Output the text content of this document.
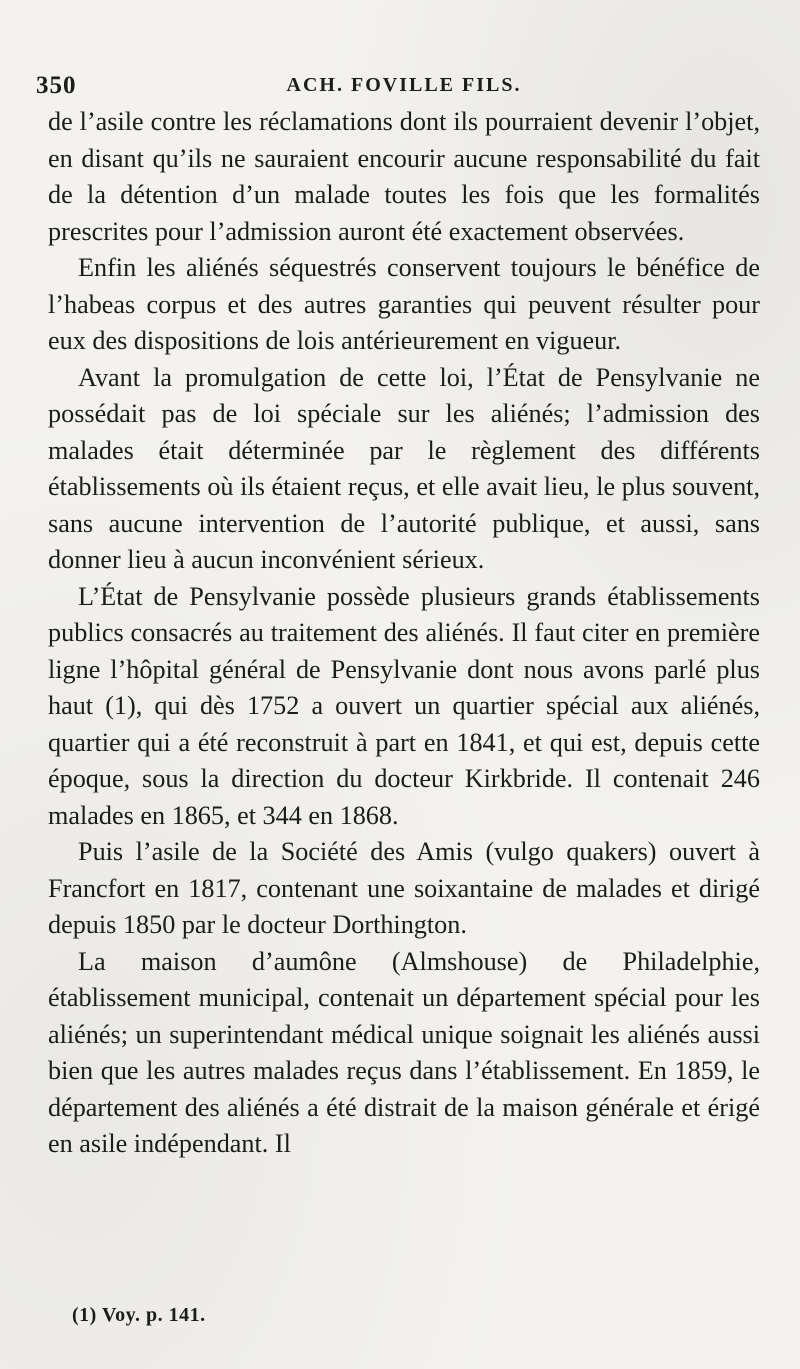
350	ACH. FOVILLE FILS.

de l’asile contre les réclamations dont ils pourraient devenir l’objet, en disant qu’ils ne sauraient encourir aucune responsabilité du fait de la détention d’un malade toutes les fois que les formalités prescrites pour l’admission auront été exactement observées.

Enfin les aliénés séquestrés conservent toujours le bénéfice de l’habeas corpus et des autres garanties qui peuvent résulter pour eux des dispositions de lois antérieurement en vigueur.

Avant la promulgation de cette loi, l’État de Pensylvanie ne possédait pas de loi spéciale sur les aliénés; l’admission des malades était déterminée par le règlement des différents établissements où ils étaient reçus, et elle avait lieu, le plus souvent, sans aucune intervention de l’autorité publique, et aussi, sans donner lieu à aucun inconvénient sérieux.

L’État de Pensylvanie possède plusieurs grands établissements publics consacrés au traitement des aliénés. Il faut citer en première ligne l’hôpital général de Pensylvanie dont nous avons parlé plus haut (1), qui dès 1752 a ouvert un quartier spécial aux aliénés, quartier qui a été reconstruit à part en 1841, et qui est, depuis cette époque, sous la direction du docteur Kirkbride. Il contenait 246 malades en 1865, et 344 en 1868.

Puis l’asile de la Société des Amis (vulgo quakers) ouvert à Francfort en 1817, contenant une soixantaine de malades et dirigé depuis 1850 par le docteur Dorthington.

La maison d’aumône (Almshouse) de Philadelphie, établissement municipal, contenait un département spécial pour les aliénés; un superintendant médical unique soignait les aliénés aussi bien que les autres malades reçus dans l’établissement. En 1859, le département des aliénés a été distrait de la maison générale et érigé en asile indépendant. Il

(1) Voy. p. 141.
